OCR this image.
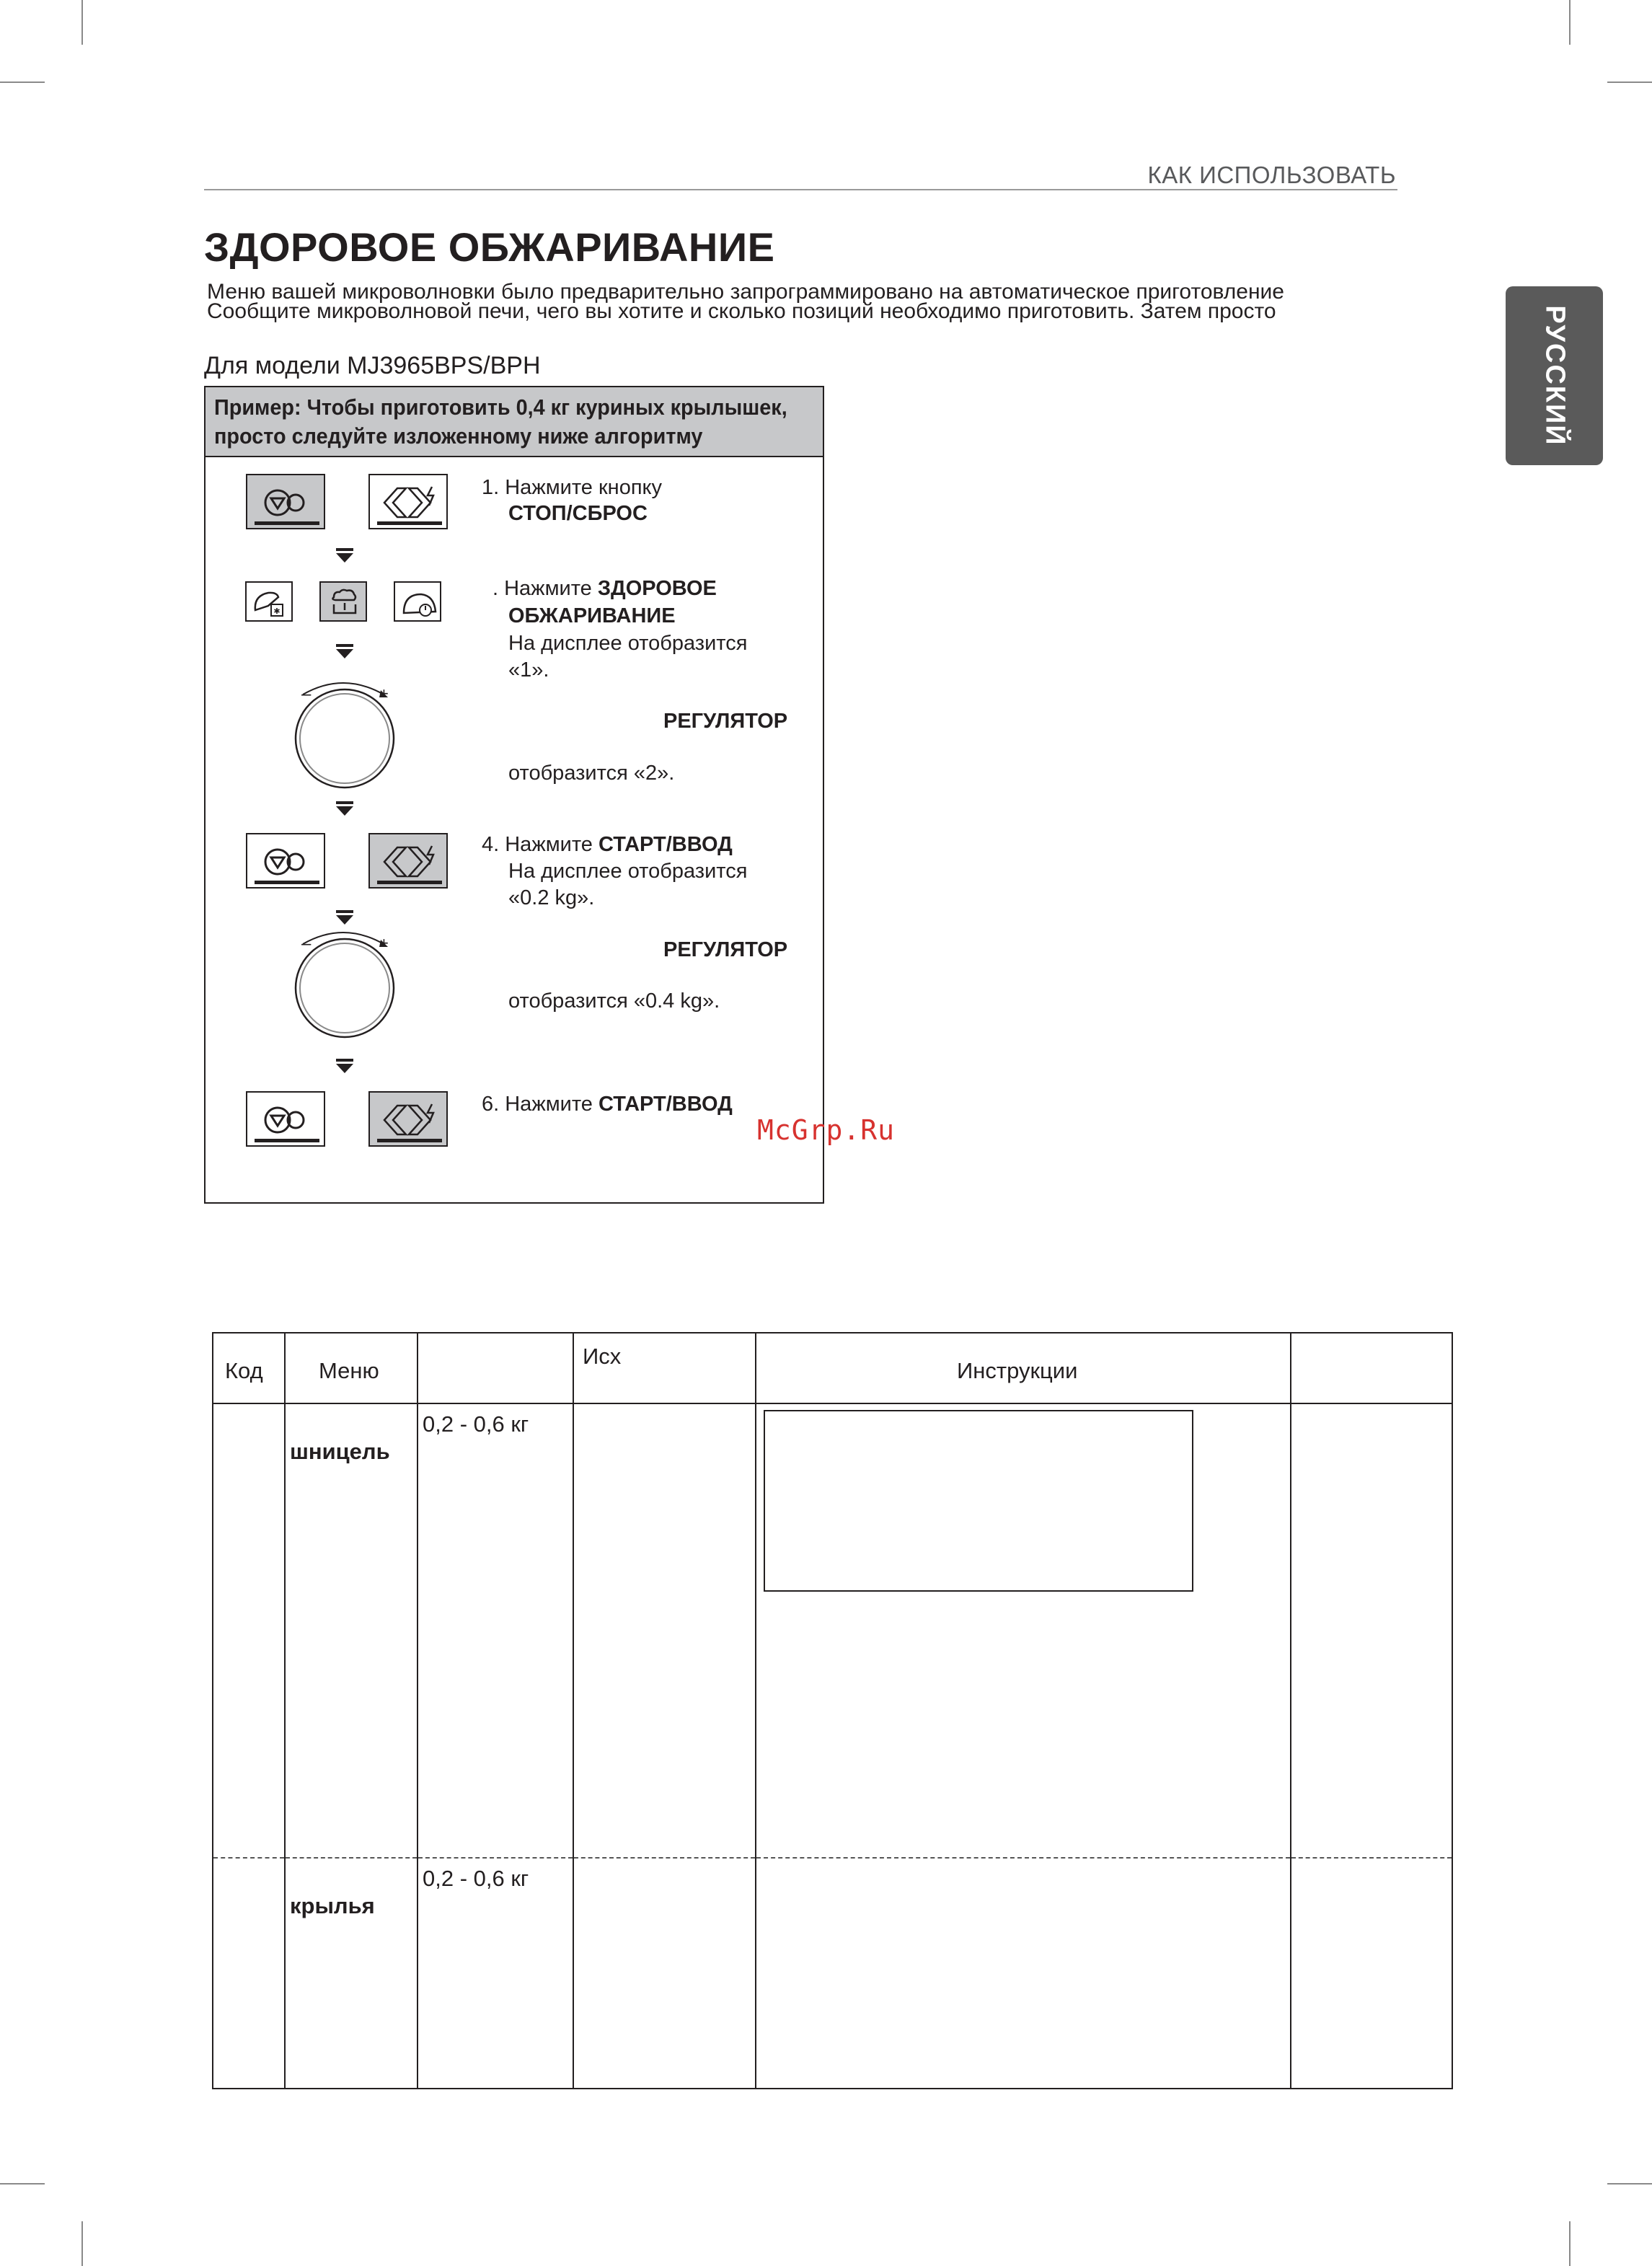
КАК ИСПОЛЬЗОВАТЬ
РУССКИЙ
ЗДОРОВОЕ ОБЖАРИВАНИЕ
Меню вашей микроволновки было предварительно запрограммировано на автоматическое приготовление
Сообщите микроволновой печи, чего вы хотите и сколько позиций необходимо приготовить. Затем просто
Для модели MJ3965BPS/BPH
Пример: Чтобы приготовить 0,4 кг куриных крылышек,
просто следуйте изложенному ниже алгоритму
✱
–	+
–	+
1. Нажмите кнопку
СТОП/СБРОС
. Нажмите ЗДОРОВОЕ
ОБЖАРИВАНИЕ
На дисплее отобразится
«1».
РЕГУЛЯТОР
отобразится «2».
4. Нажмите СТАРТ/ВВОД
На дисплее отобразится
«0.2 kg».
РЕГУЛЯТОР
отобразится «0.4 kg».
6. Нажмите СТАРТ/ВВОД
McGrp.Ru
Код	Меню		Исх	Инструкции	

	шницель	0,2 - 0,6 кг			

	крылья	0,2 - 0,6 кг			
